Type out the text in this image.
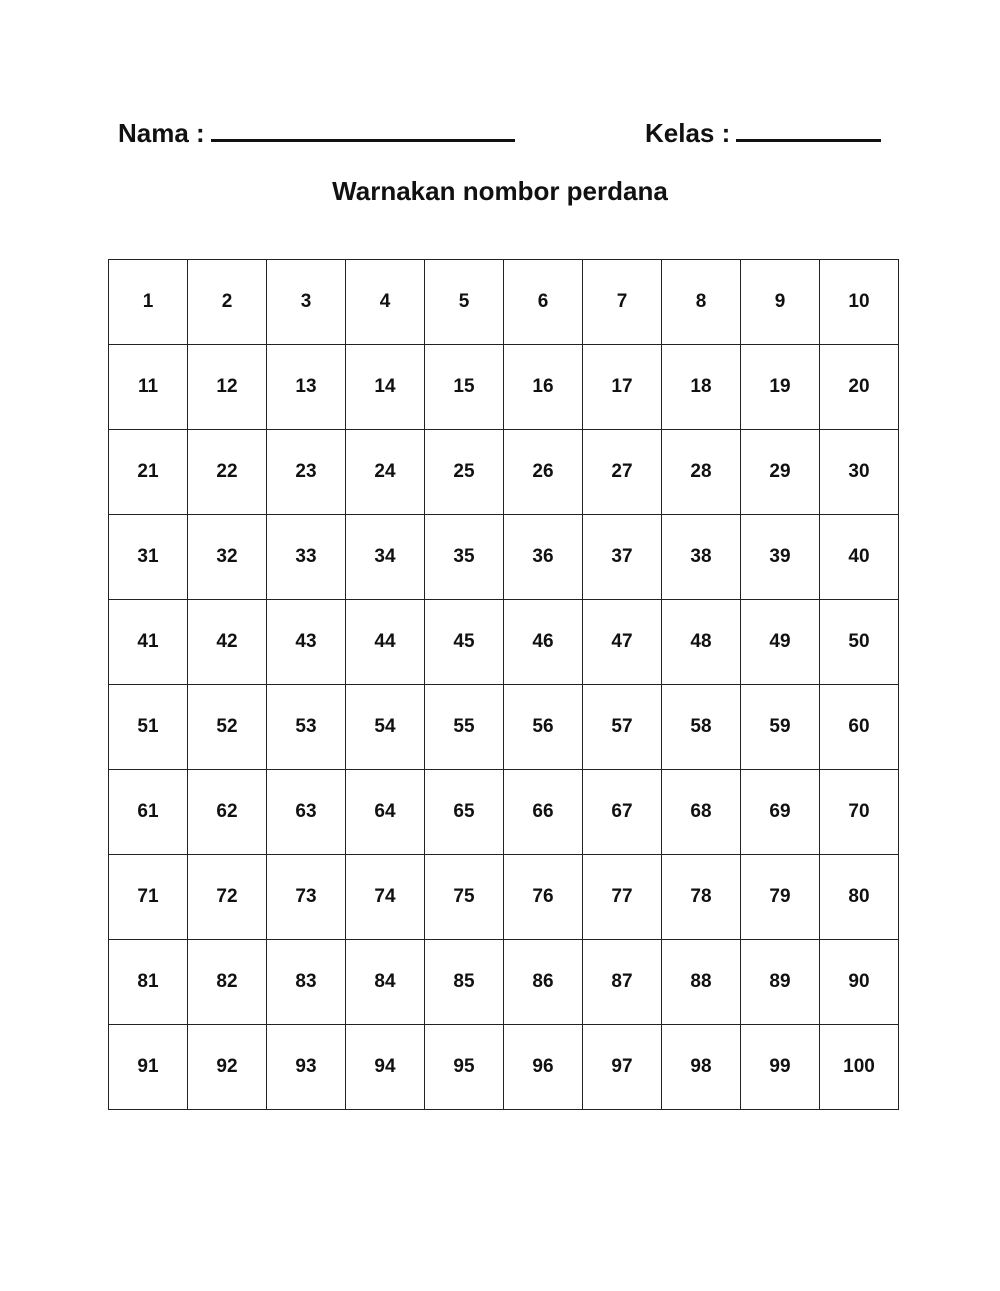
Nama :	Kelas :
Warnakan nombor perdana
1	2	3	4	5	6	7	8	9	10
11	12	13	14	15	16	17	18	19	20
21	22	23	24	25	26	27	28	29	30
31	32	33	34	35	36	37	38	39	40
41	42	43	44	45	46	47	48	49	50
51	52	53	54	55	56	57	58	59	60
61	62	63	64	65	66	67	68	69	70
71	72	73	74	75	76	77	78	79	80
81	82	83	84	85	86	87	88	89	90
91	92	93	94	95	96	97	98	99	100
